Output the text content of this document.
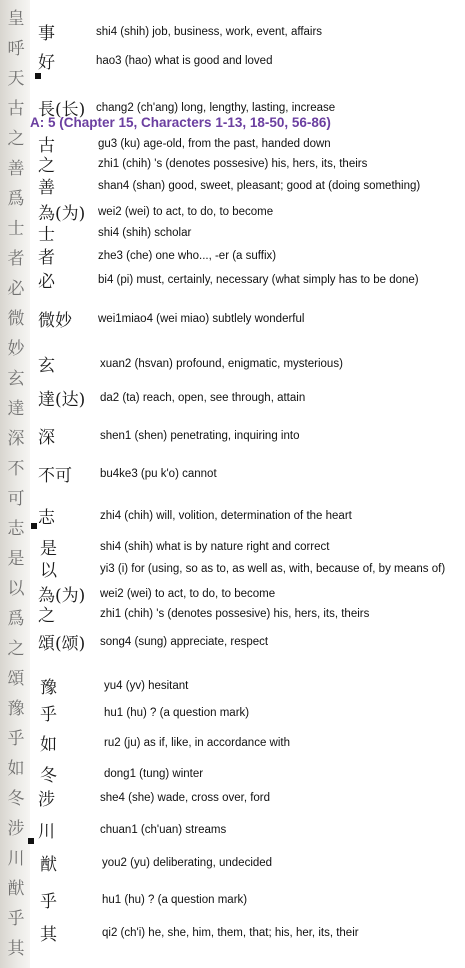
皇
呼
天
古
之
善
爲
士
者
必
微
妙
玄
達
深
不
可
志
是
以
爲
之
頌
豫
乎
如
冬
涉
川
猷
乎
其
A: 5 (Chapter 15, Characters 1-13, 18-50, 56-86)
事	shi4 (shih) job, business, work, event, affairs
好	hao3 (hao) what is good and loved
長(长) chang2 (ch'ang) long, lengthy, lasting, increase
古	gu3 (ku) age-old, from the past, handed down
之	zhi1 (chih) 's (denotes possesive) his, hers, its, theirs
善	shan4 (shan) good, sweet, pleasant; good at (doing something)
為(为)	wei2 (wei) to act, to do, to become
士	shi4 (shih) scholar
者	zhe3 (che) one who..., -er (a suffix)
必	bi4 (pi) must, certainly, necessary (what simply has to be done)
微妙	wei1miao4 (wei miao) subtlely wonderful
玄	xuan2 (hsvan) profound, enigmatic, mysterious)
達(达)	da2 (ta) reach, open, see through, attain
深	shen1 (shen) penetrating, inquiring into
不可	bu4ke3 (pu k'o) cannot
志	zhi4 (chih) will, volition, determination of the heart
是	shi4 (shih) what is by nature right and correct
以	yi3 (i) for (using, so as to, as well as, with, because of, by means of)
為(为)	wei2 (wei) to act, to do, to become
之	zhi1 (chih) 's (denotes possesive) his, hers, its, theirs
頌(颂)	song4 (sung) appreciate, respect
豫	yu4 (yv) hesitant
乎	hu1 (hu) ? (a question mark)
如	ru2 (ju) as if, like, in accordance with
冬	dong1 (tung) winter
涉	she4 (she) wade, cross over, ford
川	chuan1 (ch'uan) streams
猷	you2 (yu) deliberating, undecided
乎	hu1 (hu) ? (a question mark)
其	qi2 (ch'i) he, she, him, them, that; his, her, its, their
